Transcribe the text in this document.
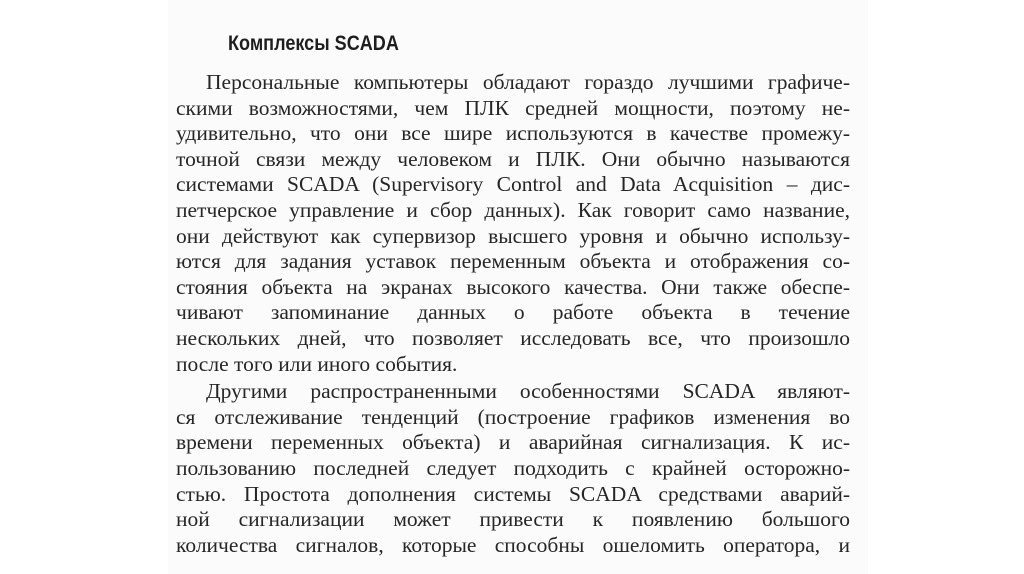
Комплексы SCADA
Персональные компьютеры обладают гораздо лучшими графиче-
скими возможностями, чем ПЛК средней мощности, поэтому не-
удивительно, что они все шире используются в качестве промежу-
точной связи между человеком и ПЛК. Они обычно называются
системами SCADA (Supervisory Control and Data Acquisition – дис-
петчерское управление и сбор данных). Как говорит само название,
они действуют как супервизор высшего уровня и обычно использу-
ются для задания уставок переменным объекта и отображения со-
стояния объекта на экранах высокого качества. Они также обеспе-
чивают запоминание данных о работе объекта в течение
нескольких дней, что позволяет исследовать все, что произошло
после того или иного события.
Другими распространенными особенностями SCADA являют-
ся отслеживание тенденций (построение графиков изменения во
времени переменных объекта) и аварийная сигнализация. К ис-
пользованию последней следует подходить с крайней осторожно-
стью. Простота дополнения системы SCADA средствами аварий-
ной сигнализации может привести к появлению большого
количества сигналов, которые способны ошеломить оператора, и
